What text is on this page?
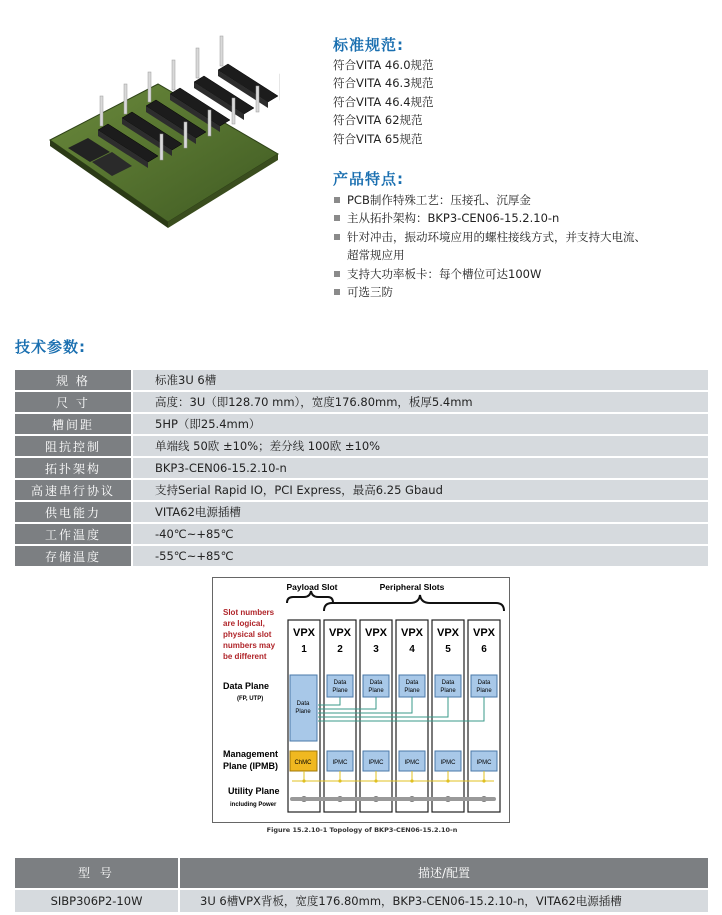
标准规范:
符合VITA 46.0规范
符合VITA 46.3规范
符合VITA 46.4规范
符合VITA 62规范
符合VITA 65规范
产品特点:
PCB制作特殊工艺：压接孔、沉厚金
主从拓扑架构：BKP3-CEN06-15.2.10-n
针对冲击，振动环境应用的螺柱接线方式，并支持大电流、
超常规应用
支持大功率板卡：每个槽位可达100W
可选三防
技术参数:
规 格	标准3U 6槽
尺 寸	高度：3U（即128.70 mm），宽度176.80mm，板厚5.4mm
槽间距	5HP（即25.4mm）
阻抗控制	单端线 50欧 ±10%；差分线 100欧 ±10%
拓扑架构	BKP3-CEN06-15.2.10-n
高速串行协议	支持Serial Rapid IO，PCI Express，最高6.25 Gbaud
供电能力	VITA62电源插槽
工作温度	-40℃~+85℃
存储温度	-55℃~+85℃
Payload Slot	Peripheral Slots
Slot numbers
are logical,
physical slot
numbers may
be different
Data Plane
(FP, UTP)
Management
Plane (IPMB)
Utility Plane
including Power
VPX
1
Data
Plane
ChMC
VPX
2
Data
Plane
IPMC
VPX
3
Data
Plane
IPMC
VPX
4
Data
Plane
IPMC
VPX
5
Data
Plane
IPMC
VPX
6
Data
Plane
IPMC
Figure 15.2.10-1 Topology of BKP3-CEN06-15.2.10-n
型 号	描述/配置
SIBP306P2-10W	3U 6槽VPX背板，宽度176.80mm，BKP3-CEN06-15.2.10-n，VITA62电源插槽
